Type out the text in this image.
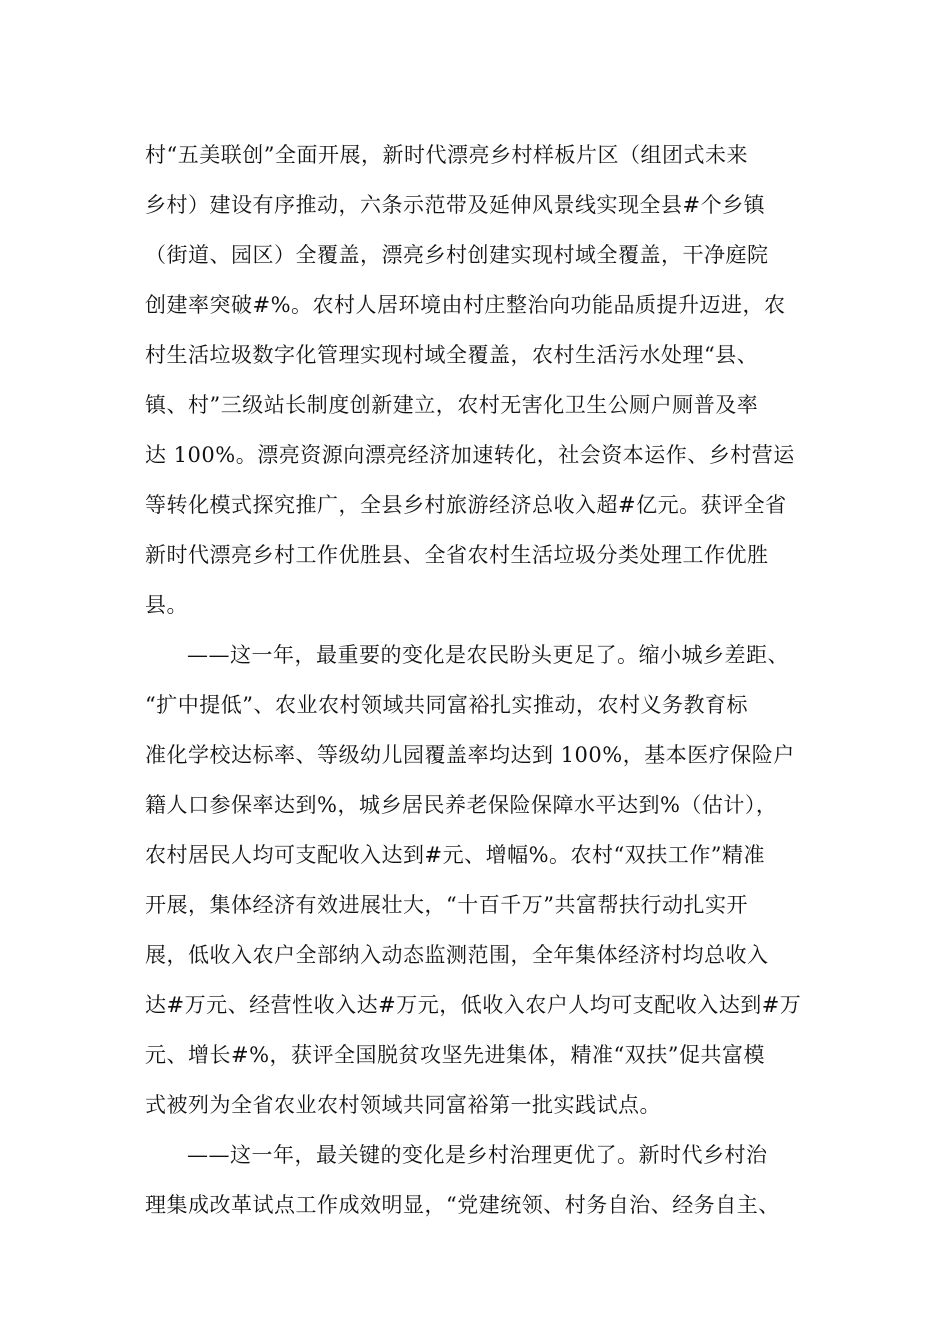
村“五美联创”全面开展，新时代漂亮乡村样板片区（组团式未来
乡村）建设有序推动，六条示范带及延伸风景线实现全县#个乡镇
（街道、园区）全覆盖，漂亮乡村创建实现村域全覆盖，干净庭院
创建率突破#%。农村人居环境由村庄整治向功能品质提升迈进，农
村生活垃圾数字化管理实现村域全覆盖，农村生活污水处理“县、
镇、村”三级站长制度创新建立，农村无害化卫生公厕户厕普及率
达 100%。漂亮资源向漂亮经济加速转化，社会资本运作、乡村营运
等转化模式探究推广，全县乡村旅游经济总收入超#亿元。获评全省
新时代漂亮乡村工作优胜县、全省农村生活垃圾分类处理工作优胜
县。
——这一年，最重要的变化是农民盼头更足了。缩小城乡差距、
“扩中提低”、农业农村领域共同富裕扎实推动，农村义务教育标
准化学校达标率、等级幼儿园覆盖率均达到 100%，基本医疗保险户
籍人口参保率达到%，城乡居民养老保险保障水平达到%（估计），
农村居民人均可支配收入达到#元、增幅%。农村“双扶工作”精准
开展，集体经济有效进展壮大，“十百千万”共富帮扶行动扎实开
展，低收入农户全部纳入动态监测范围，全年集体经济村均总收入
达#万元、经营性收入达#万元，低收入农户人均可支配收入达到#万
元、增长#%，获评全国脱贫攻坚先进集体，精准“双扶”促共富模
式被列为全省农业农村领域共同富裕第一批实践试点。
——这一年，最关键的变化是乡村治理更优了。新时代乡村治
理集成改革试点工作成效明显，“党建统领、村务自治、经务自主、
